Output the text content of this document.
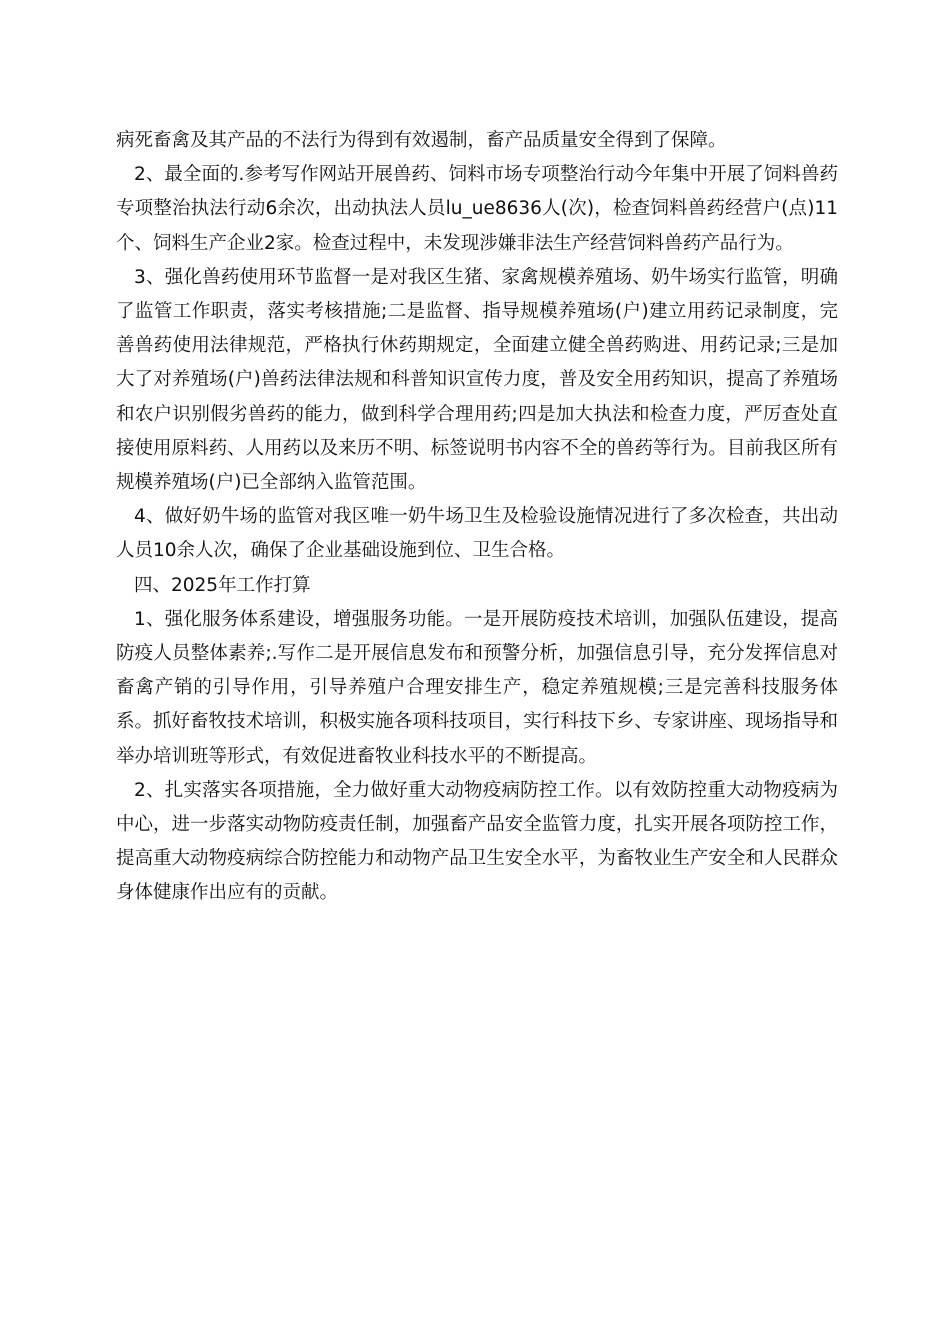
病死畜禽及其产品的不法行为得到有效遏制，畜产品质量安全得到了保障。

2、最全面的.参考写作网站开展兽药、饲料市场专项整治行动今年集中开展了饲料兽药专项整治执法行动6余次，出动执法人员lu_ue8636人(次)，检查饲料兽药经营户(点)11个、饲料生产企业2家。检查过程中，未发现涉嫌非法生产经营饲料兽药产品行为。

3、强化兽药使用环节监督一是对我区生猪、家禽规模养殖场、奶牛场实行监管，明确了监管工作职责，落实考核措施;二是监督、指导规模养殖场(户)建立用药记录制度，完善兽药使用法律规范，严格执行休药期规定，全面建立健全兽药购进、用药记录;三是加大了对养殖场(户)兽药法律法规和科普知识宣传力度，普及安全用药知识，提高了养殖场和农户识别假劣兽药的能力，做到科学合理用药;四是加大执法和检查力度，严厉查处直接使用原料药、人用药以及来历不明、标签说明书内容不全的兽药等行为。目前我区所有规模养殖场(户)已全部纳入监管范围。

4、做好奶牛场的监管对我区唯一奶牛场卫生及检验设施情况进行了多次检查，共出动人员10余人次，确保了企业基础设施到位、卫生合格。

四、2025年工作打算

1、强化服务体系建设，增强服务功能。一是开展防疫技术培训，加强队伍建设，提高防疫人员整体素养;.写作二是开展信息发布和预警分析，加强信息引导，充分发挥信息对畜禽产销的引导作用，引导养殖户合理安排生产，稳定养殖规模;三是完善科技服务体系。抓好畜牧技术培训，积极实施各项科技项目，实行科技下乡、专家讲座、现场指导和举办培训班等形式，有效促进畜牧业科技水平的不断提高。

2、扎实落实各项措施，全力做好重大动物疫病防控工作。以有效防控重大动物疫病为中心，进一步落实动物防疫责任制，加强畜产品安全监管力度，扎实开展各项防控工作，提高重大动物疫病综合防控能力和动物产品卫生安全水平，为畜牧业生产安全和人民群众身体健康作出应有的贡献。
